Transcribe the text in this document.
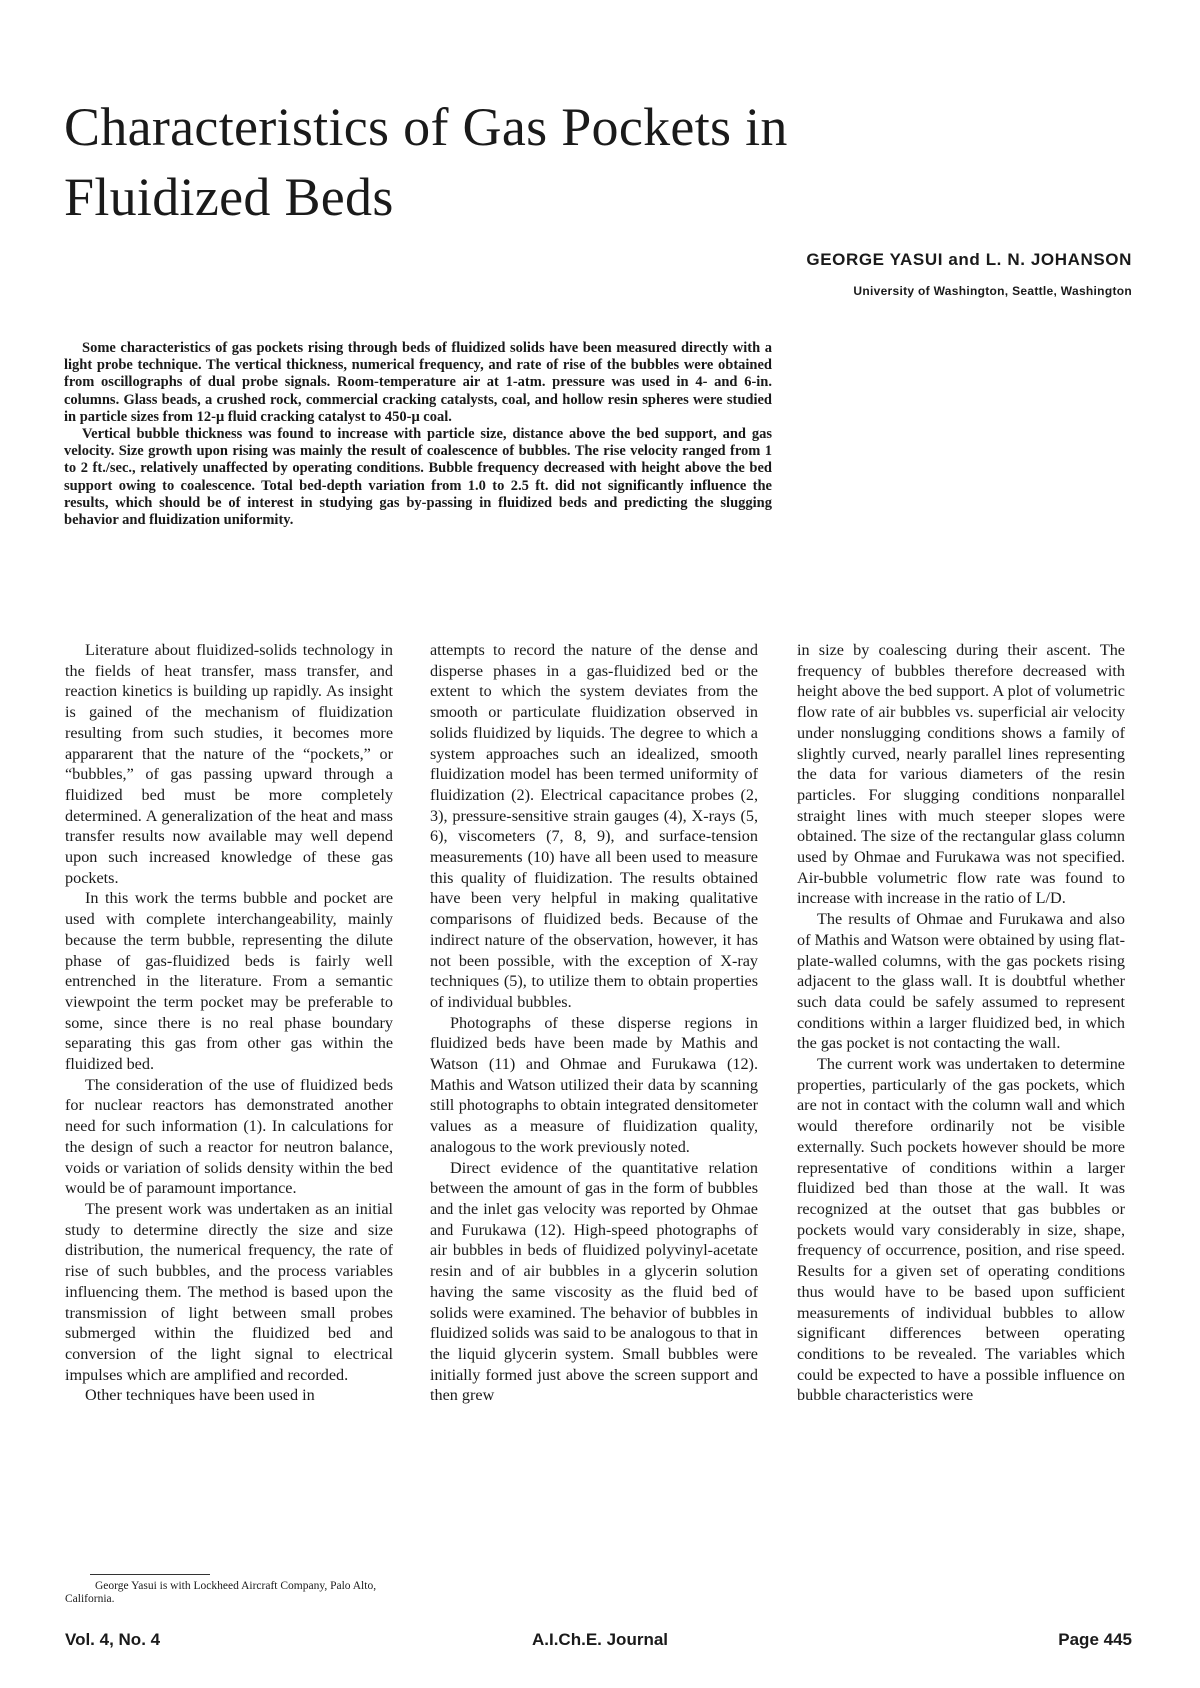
Characteristics of Gas Pockets in Fluidized Beds
GEORGE YASUI and L. N. JOHANSON
University of Washington, Seattle, Washington

Some characteristics of gas pockets rising through beds of fluidized solids have been measured directly with a light probe technique. The vertical thickness, numerical frequency, and rate of rise of the bubbles were obtained from oscillographs of dual probe signals. Room-temperature air at 1-atm. pressure was used in 4- and 6-in. columns. Glass beads, a crushed rock, commercial cracking catalysts, coal, and hollow resin spheres were studied in particle sizes from 12-μ fluid cracking catalyst to 450-μ coal.

Vertical bubble thickness was found to increase with particle size, distance above the bed support, and gas velocity. Size growth upon rising was mainly the result of coalescence of bubbles. The rise velocity ranged from 1 to 2 ft./sec., relatively unaffected by operating conditions. Bubble frequency decreased with height above the bed support owing to coalescence. Total bed-depth variation from 1.0 to 2.5 ft. did not significantly influence the results, which should be of interest in studying gas by-passing in fluidized beds and predicting the slugging behavior and fluidization uniformity.

Literature about fluidized-solids technology in the fields of heat transfer, mass transfer, and reaction kinetics is building up rapidly. As insight is gained of the mechanism of fluidization resulting from such studies, it becomes more appararent that the nature of the “pockets,” or “bubbles,” of gas passing upward through a fluidized bed must be more completely determined. A generalization of the heat and mass transfer results now available may well depend upon such increased knowledge of these gas pockets.

In this work the terms bubble and pocket are used with complete interchangeability, mainly because the term bubble, representing the dilute phase of gas-fluidized beds is fairly well entrenched in the literature. From a semantic viewpoint the term pocket may be preferable to some, since there is no real phase boundary separating this gas from other gas within the fluidized bed.

The consideration of the use of fluidized beds for nuclear reactors has demonstrated another need for such information (1). In calculations for the design of such a reactor for neutron balance, voids or variation of solids density within the bed would be of paramount importance.

The present work was undertaken as an initial study to determine directly the size and size distribution, the numerical frequency, the rate of rise of such bubbles, and the process variables influencing them. The method is based upon the transmission of light between small probes submerged within the fluidized bed and conversion of the light signal to electrical impulses which are amplified and recorded.

Other techniques have been used in

attempts to record the nature of the dense and disperse phases in a gas-fluidized bed or the extent to which the system deviates from the smooth or particulate fluidization observed in solids fluidized by liquids. The degree to which a system approaches such an idealized, smooth fluidization model has been termed uniformity of fluidization (2). Electrical capacitance probes (2, 3), pressure-sensitive strain gauges (4), X-rays (5, 6), viscometers (7, 8, 9), and surface-tension measurements (10) have all been used to measure this quality of fluidization. The results obtained have been very helpful in making qualitative comparisons of fluidized beds. Because of the indirect nature of the observation, however, it has not been possible, with the exception of X-ray techniques (5), to utilize them to obtain properties of individual bubbles.

Photographs of these disperse regions in fluidized beds have been made by Mathis and Watson (11) and Ohmae and Furukawa (12). Mathis and Watson utilized their data by scanning still photographs to obtain integrated densitometer values as a measure of fluidization quality, analogous to the work previously noted.

Direct evidence of the quantitative relation between the amount of gas in the form of bubbles and the inlet gas velocity was reported by Ohmae and Furukawa (12). High-speed photographs of air bubbles in beds of fluidized polyvinyl-acetate resin and of air bubbles in a glycerin solution having the same viscosity as the fluid bed of solids were examined. The behavior of bubbles in fluidized solids was said to be analogous to that in the liquid glycerin system. Small bubbles were initially formed just above the screen support and then grew

in size by coalescing during their ascent. The frequency of bubbles therefore decreased with height above the bed support. A plot of volumetric flow rate of air bubbles vs. superficial air velocity under nonslugging conditions shows a family of slightly curved, nearly parallel lines representing the data for various diameters of the resin particles. For slugging conditions nonparallel straight lines with much steeper slopes were obtained. The size of the rectangular glass column used by Ohmae and Furukawa was not specified. Air-bubble volumetric flow rate was found to increase with increase in the ratio of L/D.

The results of Ohmae and Furukawa and also of Mathis and Watson were obtained by using flat-plate-walled columns, with the gas pockets rising adjacent to the glass wall. It is doubtful whether such data could be safely assumed to represent conditions within a larger fluidized bed, in which the gas pocket is not contacting the wall.

The current work was undertaken to determine properties, particularly of the gas pockets, which are not in contact with the column wall and which would therefore ordinarily not be visible externally. Such pockets however should be more representative of conditions within a larger fluidized bed than those at the wall. It was recognized at the outset that gas bubbles or pockets would vary considerably in size, shape, frequency of occurrence, position, and rise speed. Results for a given set of operating conditions thus would have to be based upon sufficient measurements of individual bubbles to allow significant differences between operating conditions to be revealed. The variables which could be expected to have a possible influence on bubble characteristics were

George Yasui is with Lockheed Aircraft Company, Palo Alto, California.
Vol. 4, No. 4	A.I.Ch.E. Journal	Page 445
